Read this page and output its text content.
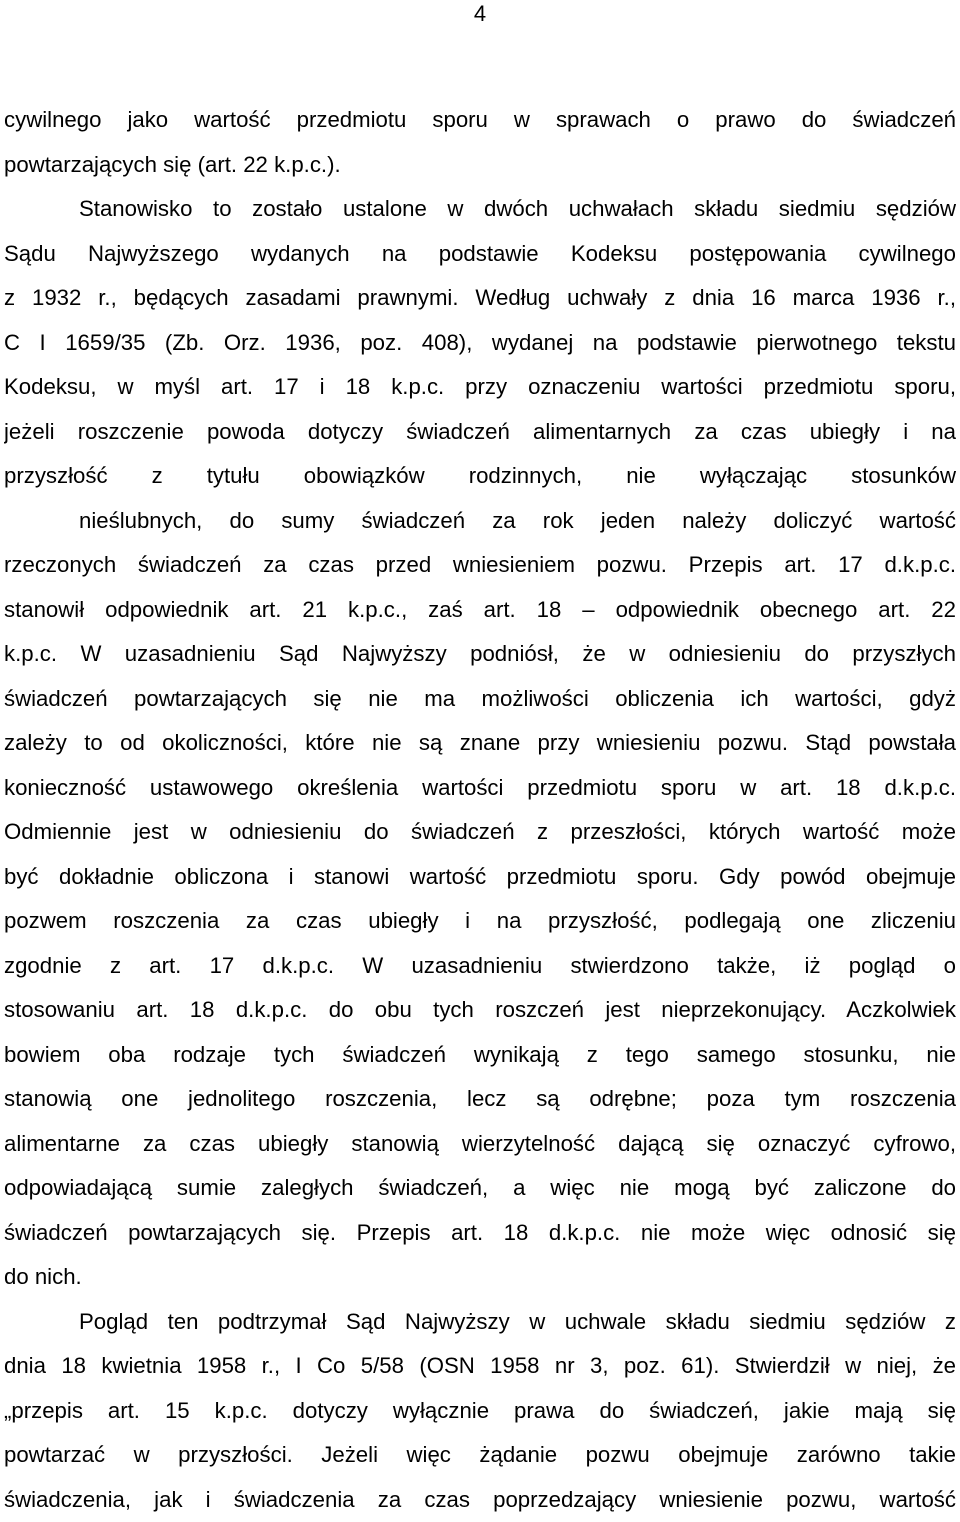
4
cywilnego jako wartość przedmiotu sporu w sprawach o prawo do świadczeń
powtarzających się (art. 22 k.p.c.).
Stanowisko to zostało ustalone w dwóch uchwałach składu siedmiu sędziów
Sądu Najwyższego wydanych na podstawie Kodeksu postępowania cywilnego
z 1932 r., będących zasadami prawnymi. Według uchwały z dnia 16 marca 1936 r.,
C I 1659/35 (Zb. Orz. 1936, poz. 408), wydanej na podstawie pierwotnego tekstu
Kodeksu, w myśl art. 17 i 18 k.p.c. przy oznaczeniu wartości przedmiotu sporu,
jeżeli roszczenie powoda dotyczy świadczeń alimentarnych za czas ubiegły i na
przyszłość z tytułu obowiązków rodzinnych, nie wyłączając stosunków
nieślubnych, do sumy świadczeń za rok jeden należy doliczyć wartość
rzeczonych świadczeń za czas przed wniesieniem pozwu. Przepis art. 17 d.k.p.c.
stanowił odpowiednik art. 21 k.p.c., zaś art. 18 – odpowiednik obecnego art. 22
k.p.c. W uzasadnieniu Sąd Najwyższy podniósł, że w odniesieniu do przyszłych
świadczeń powtarzających się nie ma możliwości obliczenia ich wartości, gdyż
zależy to od okoliczności, które nie są znane przy wniesieniu pozwu. Stąd powstała
konieczność ustawowego określenia wartości przedmiotu sporu w art. 18 d.k.p.c.
Odmiennie jest w odniesieniu do świadczeń z przeszłości, których wartość może
być dokładnie obliczona i stanowi wartość przedmiotu sporu. Gdy powód obejmuje
pozwem roszczenia za czas ubiegły i na przyszłość, podlegają one zliczeniu
zgodnie z art. 17 d.k.p.c. W uzasadnieniu stwierdzono także, iż pogląd o
stosowaniu art. 18 d.k.p.c. do obu tych roszczeń jest nieprzekonujący. Aczkolwiek
bowiem oba rodzaje tych świadczeń wynikają z tego samego stosunku, nie
stanowią one jednolitego roszczenia, lecz są odrębne; poza tym roszczenia
alimentarne za czas ubiegły stanowią wierzytelność dającą się oznaczyć cyfrowo,
odpowiadającą sumie zaległych świadczeń, a więc nie mogą być zaliczone do
świadczeń powtarzających się. Przepis art. 18 d.k.p.c. nie może więc odnosić się
do nich.
Pogląd ten podtrzymał Sąd Najwyższy w uchwale składu siedmiu sędziów z
dnia 18 kwietnia 1958 r., I Co 5/58 (OSN 1958 nr 3, poz. 61). Stwierdził w niej, że
„przepis art. 15 k.p.c. dotyczy wyłącznie prawa do świadczeń, jakie mają się
powtarzać w przyszłości. Jeżeli więc żądanie pozwu obejmuje zarówno takie
świadczenia, jak i świadczenia za czas poprzedzający wniesienie pozwu, wartość
